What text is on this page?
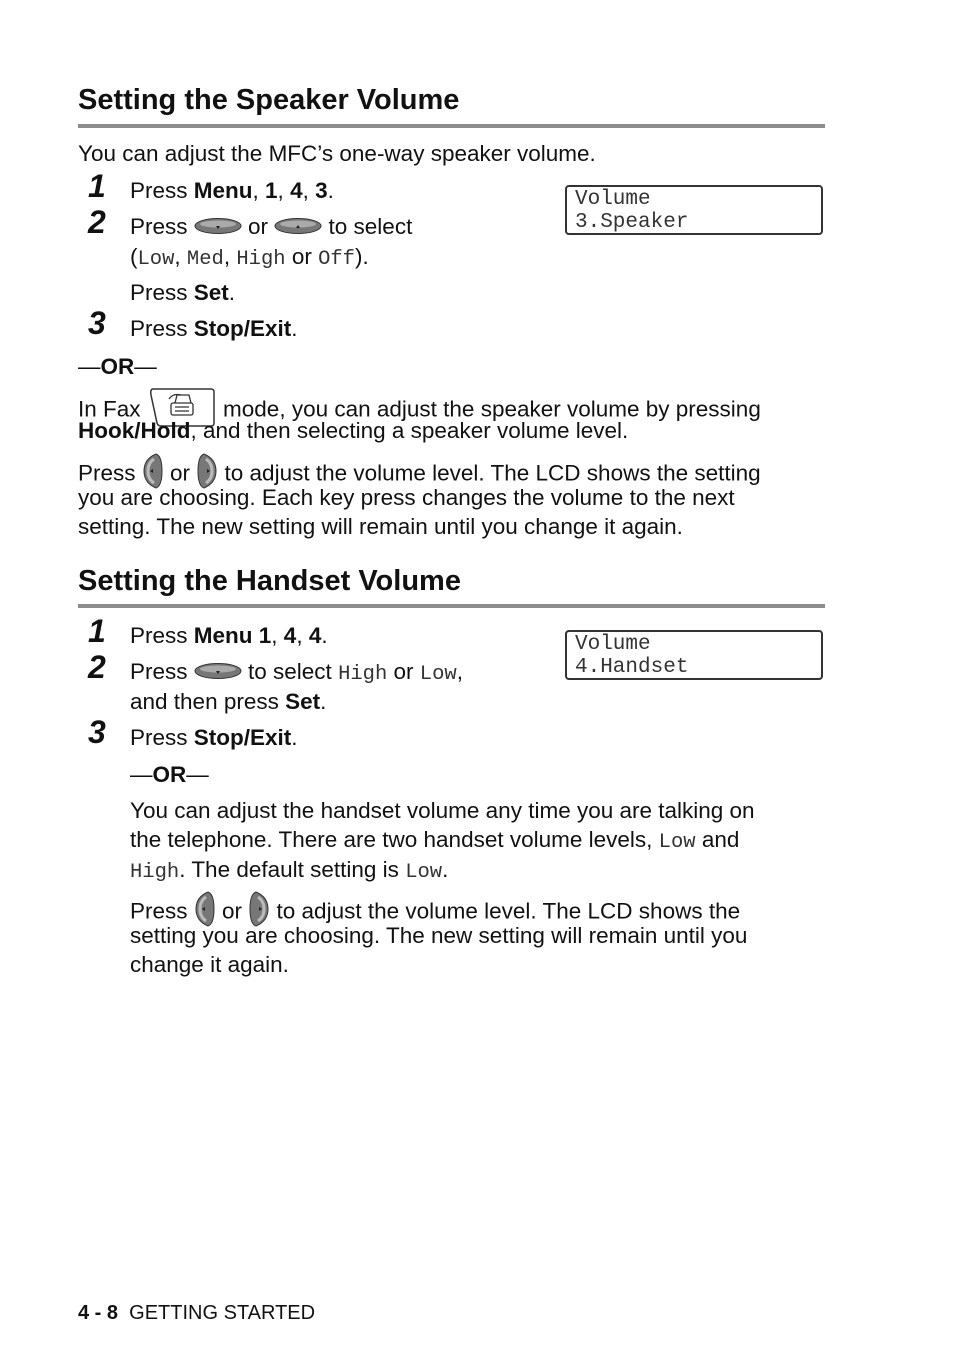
Setting the Speaker Volume
You can adjust the MFC’s one-way speaker volume.
1	Press Menu, 1, 4, 3.
2	Press  or  to select
(Low, Med, High or Off).
Press Set.
3	Press Stop/Exit.
Volume
3.Speaker
—OR—
In Fax	mode, you can adjust the speaker volume by pressing
Hook/Hold, and then selecting a speaker volume level.
Press  or  to adjust the volume level. The LCD shows the setting
you are choosing. Each key press changes the volume to the next
setting. The new setting will remain until you change it again.
Setting the Handset Volume
1	Press Menu 1, 4, 4.
2	Press  to select High or Low,
and then press Set.
3	Press Stop/Exit.
Volume
4.Handset
—OR—
You can adjust the handset volume any time you are talking on
the telephone. There are two handset volume levels, Low and
High. The default setting is Low.
Press  or  to adjust the volume level. The LCD shows the
setting you are choosing. The new setting will remain until you
change it again.
4 - 8 GETTING STARTED
